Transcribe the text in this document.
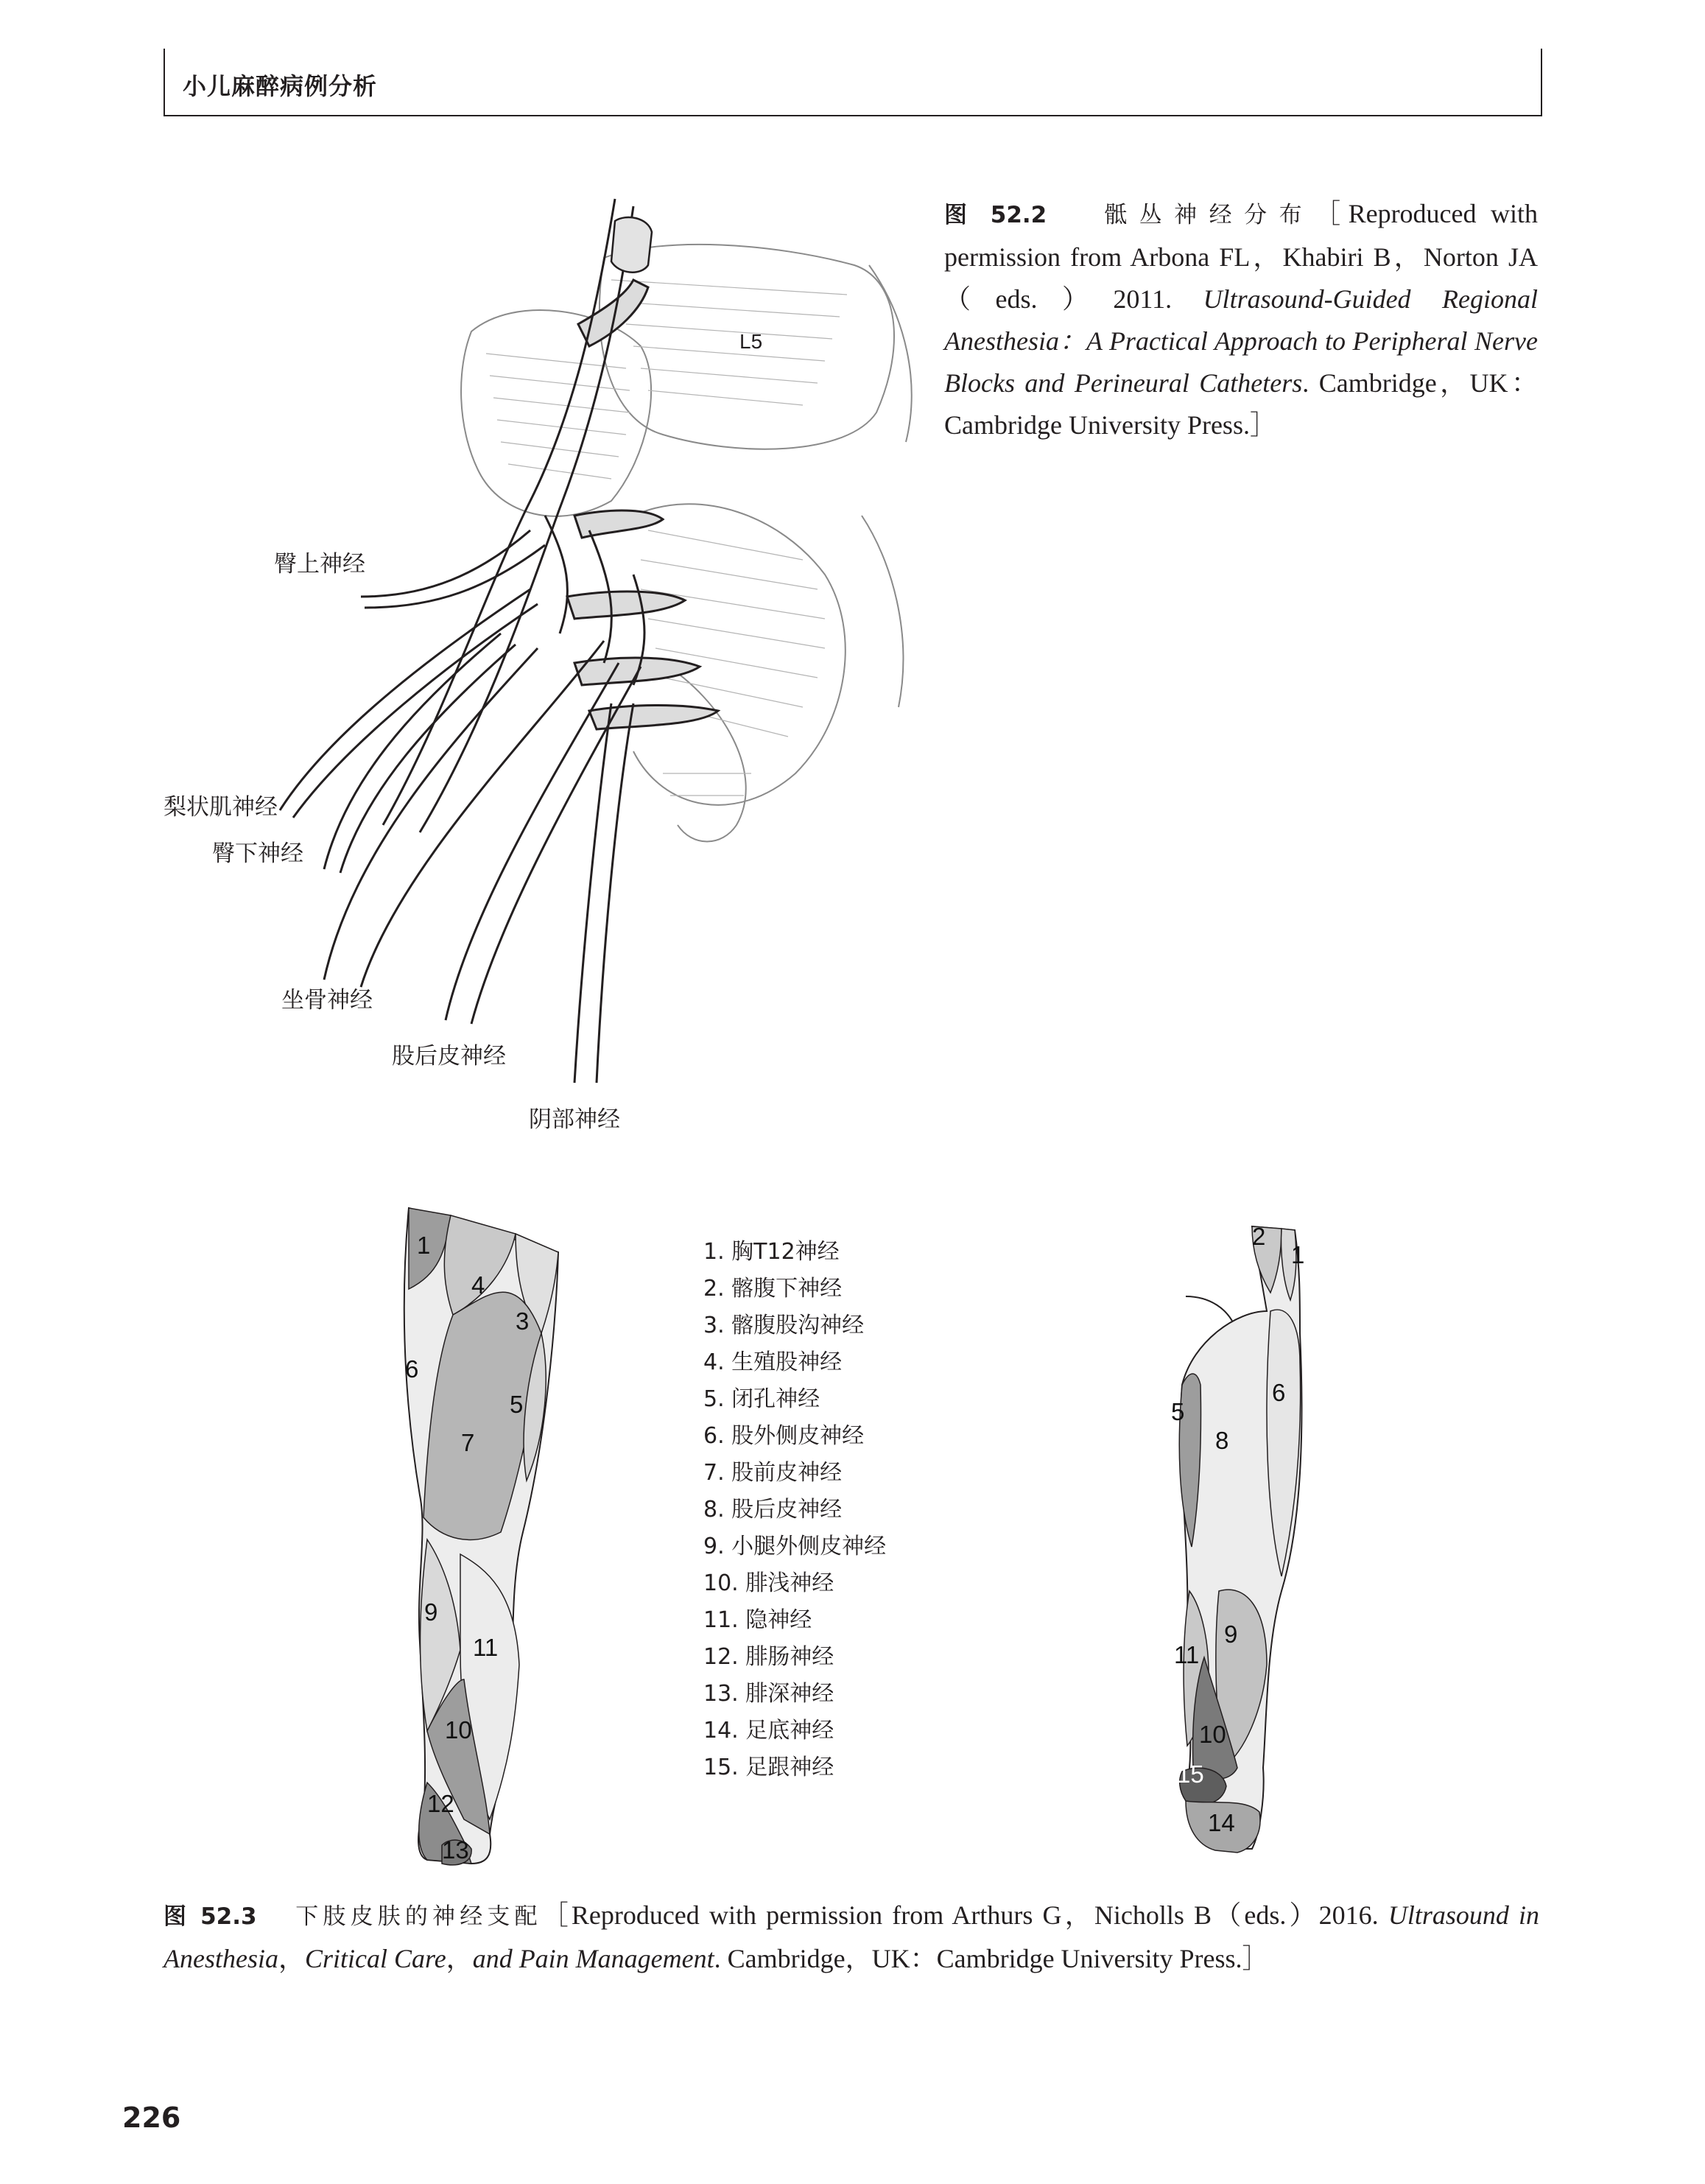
小儿麻醉病例分析
L5
臀上神经
梨状肌神经
臀下神经
坐骨神经
股后皮神经
阴部神经
图 52.2	骶丛神经分布［Reproduced with permission from Arbona FL，Khabiri B，Norton JA（eds.）2011. Ultrasound-Guided Regional Anesthesia：A Practical Approach to Peripheral Nerve Blocks and Perineural Catheters. Cambridge，UK：Cambridge University Press.］
1
4
3
6
5
7
9
11
10
12
13
1. 胸T12神经
2. 髂腹下神经
3. 髂腹股沟神经
4. 生殖股神经
5. 闭孔神经
6. 股外侧皮神经
7. 股前皮神经
8. 股后皮神经
9. 小腿外侧皮神经
10. 腓浅神经
11. 隐神经
12. 腓肠神经
13. 腓深神经
14. 足底神经
15. 足跟神经
2
1
6
5
8
9
11
10
15
14
图 52.3 下肢皮肤的神经支配［Reproduced with permission from Arthurs G，Nicholls B（eds.）2016. Ultrasound in Anesthesia，Critical Care，and Pain Management. Cambridge，UK：Cambridge University Press.］
226
